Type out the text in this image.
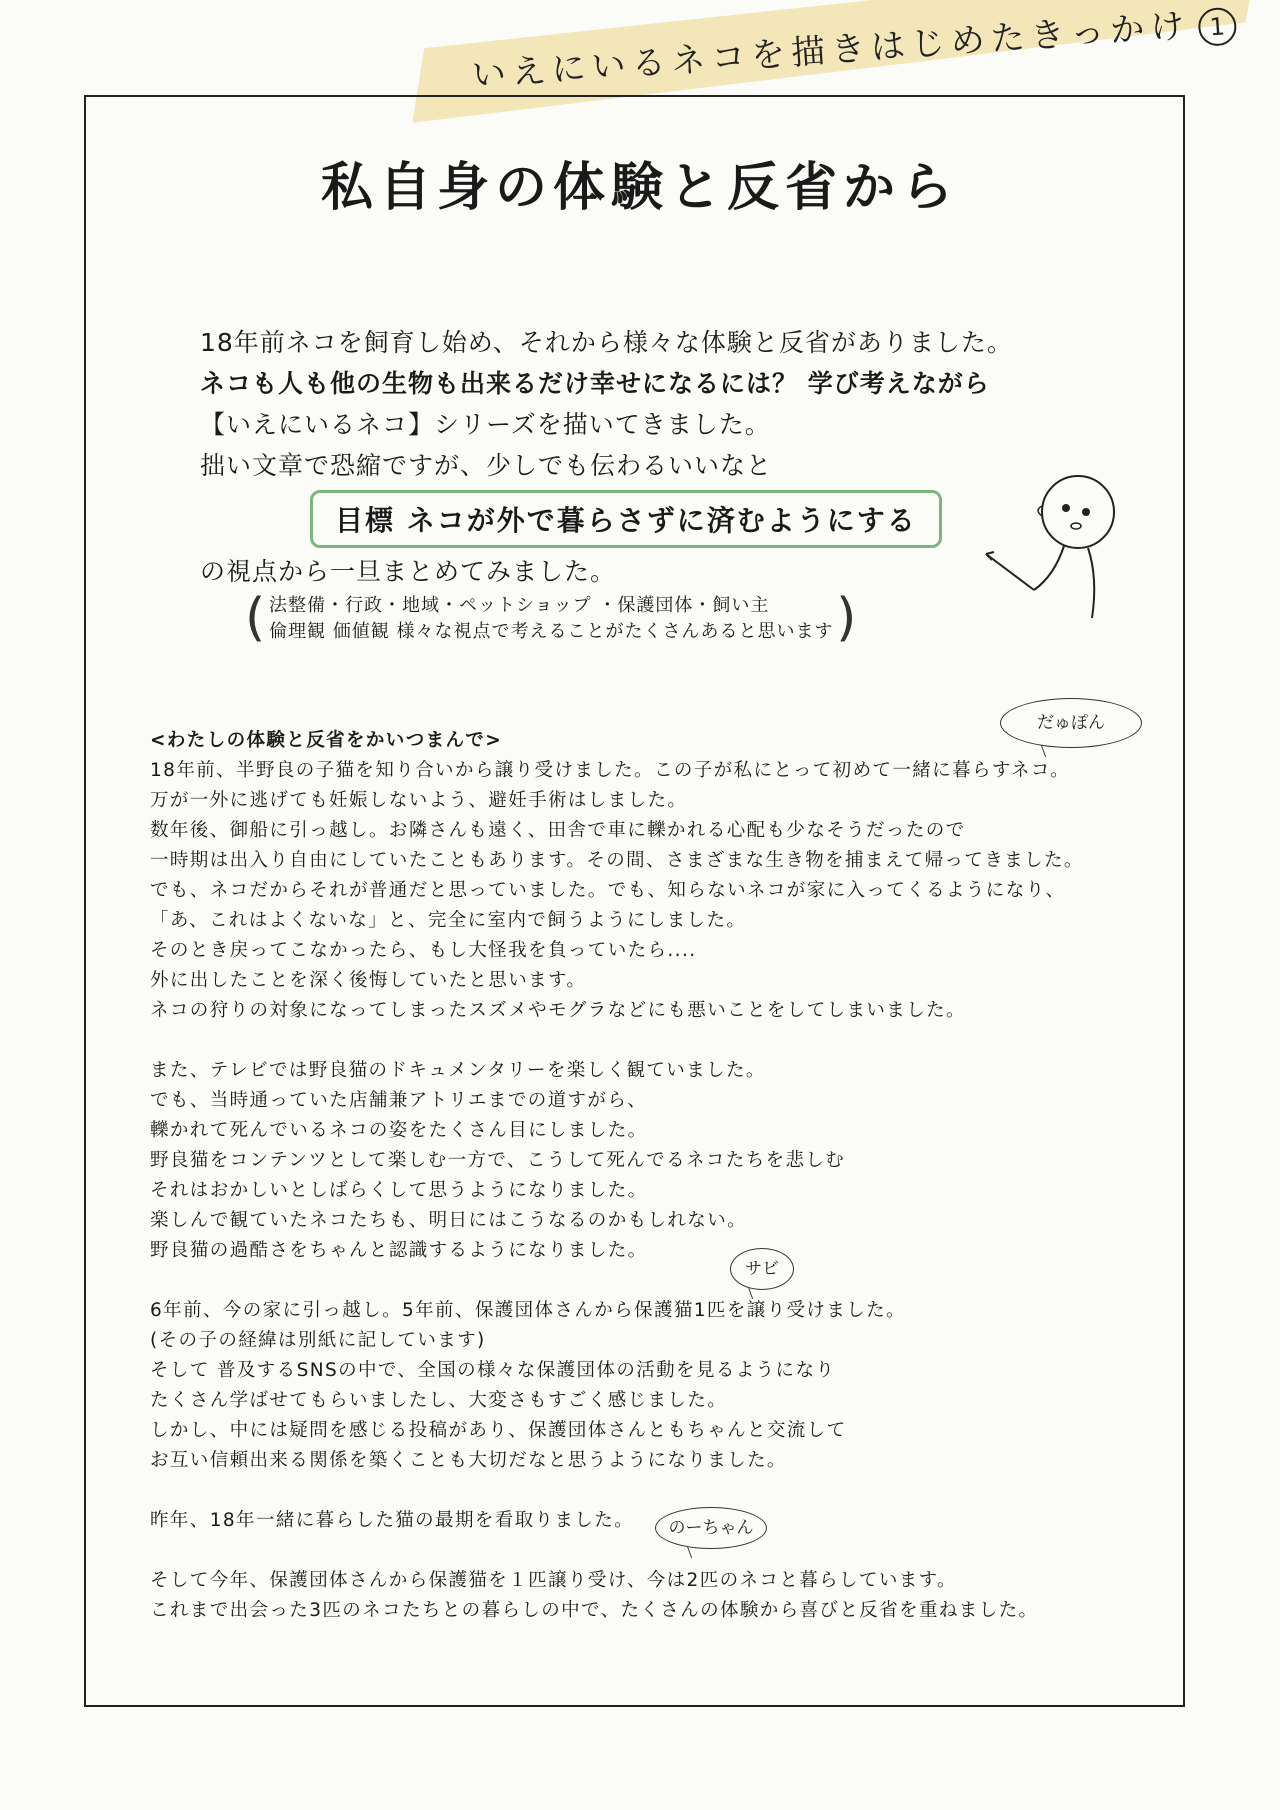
いえにいるネコを描きはじめたきっかけ 1
私自身の体験と反省から
18年前ネコを飼育し始め、それから様々な体験と反省がありました。
ネコも人も他の生物も出来るだけ幸せになるには？ 学び考えながら
【いえにいるネコ】シリーズを描いてきました。
拙い文章で恐縮ですが、少しでも伝わるいいなと
目標 ネコが外で暮らさずに済むようにする
の視点から一旦まとめてみました。
( 法整備・行政・地域・ペットショップ ・保護団体・飼い主
倫理観 価値観 様々な視点で考えることがたくさんあると思います
)
だゅぽん
サビ
のーちゃん
<わたしの体験と反省をかいつまんで>
18年前、半野良の子猫を知り合いから譲り受けました。この子が私にとって初めて一緒に暮らすネコ。
万が一外に逃げても妊娠しないよう、避妊手術はしました。
数年後、御船に引っ越し。お隣さんも遠く、田舎で車に轢かれる心配も少なそうだったので
一時期は出入り自由にしていたこともあります。その間、さまざまな生き物を捕まえて帰ってきました。
でも、ネコだからそれが普通だと思っていました。でも、知らないネコが家に入ってくるようになり、
「あ、これはよくないな」と、完全に室内で飼うようにしました。
そのとき戻ってこなかったら、もし大怪我を負っていたら....
外に出したことを深く後悔していたと思います。
ネコの狩りの対象になってしまったスズメやモグラなどにも悪いことをしてしまいました。
また、テレビでは野良猫のドキュメンタリーを楽しく観ていました。
でも、当時通っていた店舗兼アトリエまでの道すがら、
轢かれて死んでいるネコの姿をたくさん目にしました。
野良猫をコンテンツとして楽しむ一方で、こうして死んでるネコたちを悲しむ
それはおかしいとしばらくして思うようになりました。
楽しんで観ていたネコたちも、明日にはこうなるのかもしれない。
野良猫の過酷さをちゃんと認識するようになりました。
6年前、今の家に引っ越し。5年前、保護団体さんから保護猫1匹を譲り受けました。
(その子の経緯は別紙に記しています)
そして 普及するSNSの中で、全国の様々な保護団体の活動を見るようになり
たくさん学ばせてもらいましたし、大変さもすごく感じました。
しかし、中には疑問を感じる投稿があり、保護団体さんともちゃんと交流して
お互い信頼出来る関係を築くことも大切だなと思うようになりました。
昨年、18年一緒に暮らした猫の最期を看取りました。
そして今年、保護団体さんから保護猫を１匹譲り受け、今は2匹のネコと暮らしています。
これまで出会った3匹のネコたちとの暮らしの中で、たくさんの体験から喜びと反省を重ねました。
